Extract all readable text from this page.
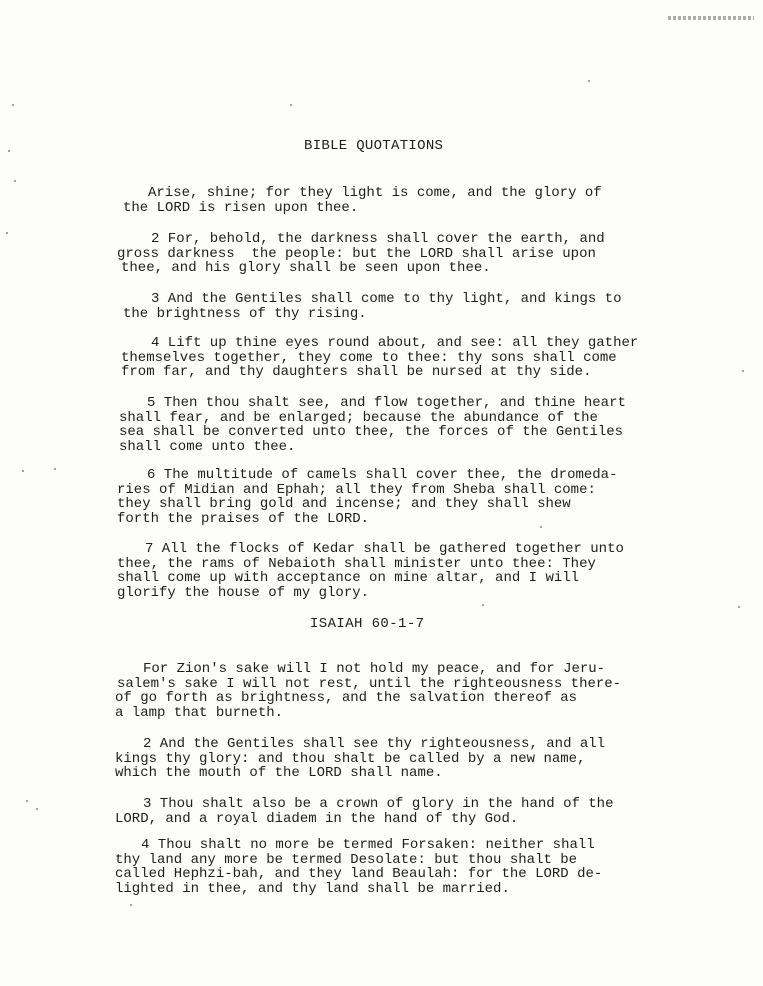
BIBLE QUOTATIONS
Arise, shine; for they light is come, and the glory of
the LORD is risen upon thee.
2 For, behold, the darkness shall cover the earth, and
gross darkness  the people: but the LORD shall arise upon
thee, and his glory shall be seen upon thee.
3 And the Gentiles shall come to thy light, and kings to
the brightness of thy rising.
4 Lift up thine eyes round about, and see: all they gather
themselves together, they come to thee: thy sons shall come
from far, and thy daughters shall be nursed at thy side.
5 Then thou shalt see, and flow together, and thine heart
shall fear, and be enlarged; because the abundance of the
sea shall be converted unto thee, the forces of the Gentiles
shall come unto thee.
6 The multitude of camels shall cover thee, the dromeda-
ries of Midian and Ephah; all they from Sheba shall come:
they shall bring gold and incense; and they shall shew
forth the praises of the LORD.
7 All the flocks of Kedar shall be gathered together unto
thee, the rams of Nebaioth shall minister unto thee: They
shall come up with acceptance on mine altar, and I will
glorify the house of my glory.
ISAIAH 60-1-7
For Zion's sake will I not hold my peace, and for Jeru-
salem's sake I will not rest, until the righteousness there-
of go forth as brightness, and the salvation thereof as
a lamp that burneth.
2 And the Gentiles shall see thy righteousness, and all
kings thy glory: and thou shalt be called by a new name,
which the mouth of the LORD shall name.
3 Thou shalt also be a crown of glory in the hand of the
LORD, and a royal diadem in the hand of thy God.
4 Thou shalt no more be termed Forsaken: neither shall
thy land any more be termed Desolate: but thou shalt be
called Hephzi-bah, and they land Beaulah: for the LORD de-
lighted in thee, and thy land shall be married.
